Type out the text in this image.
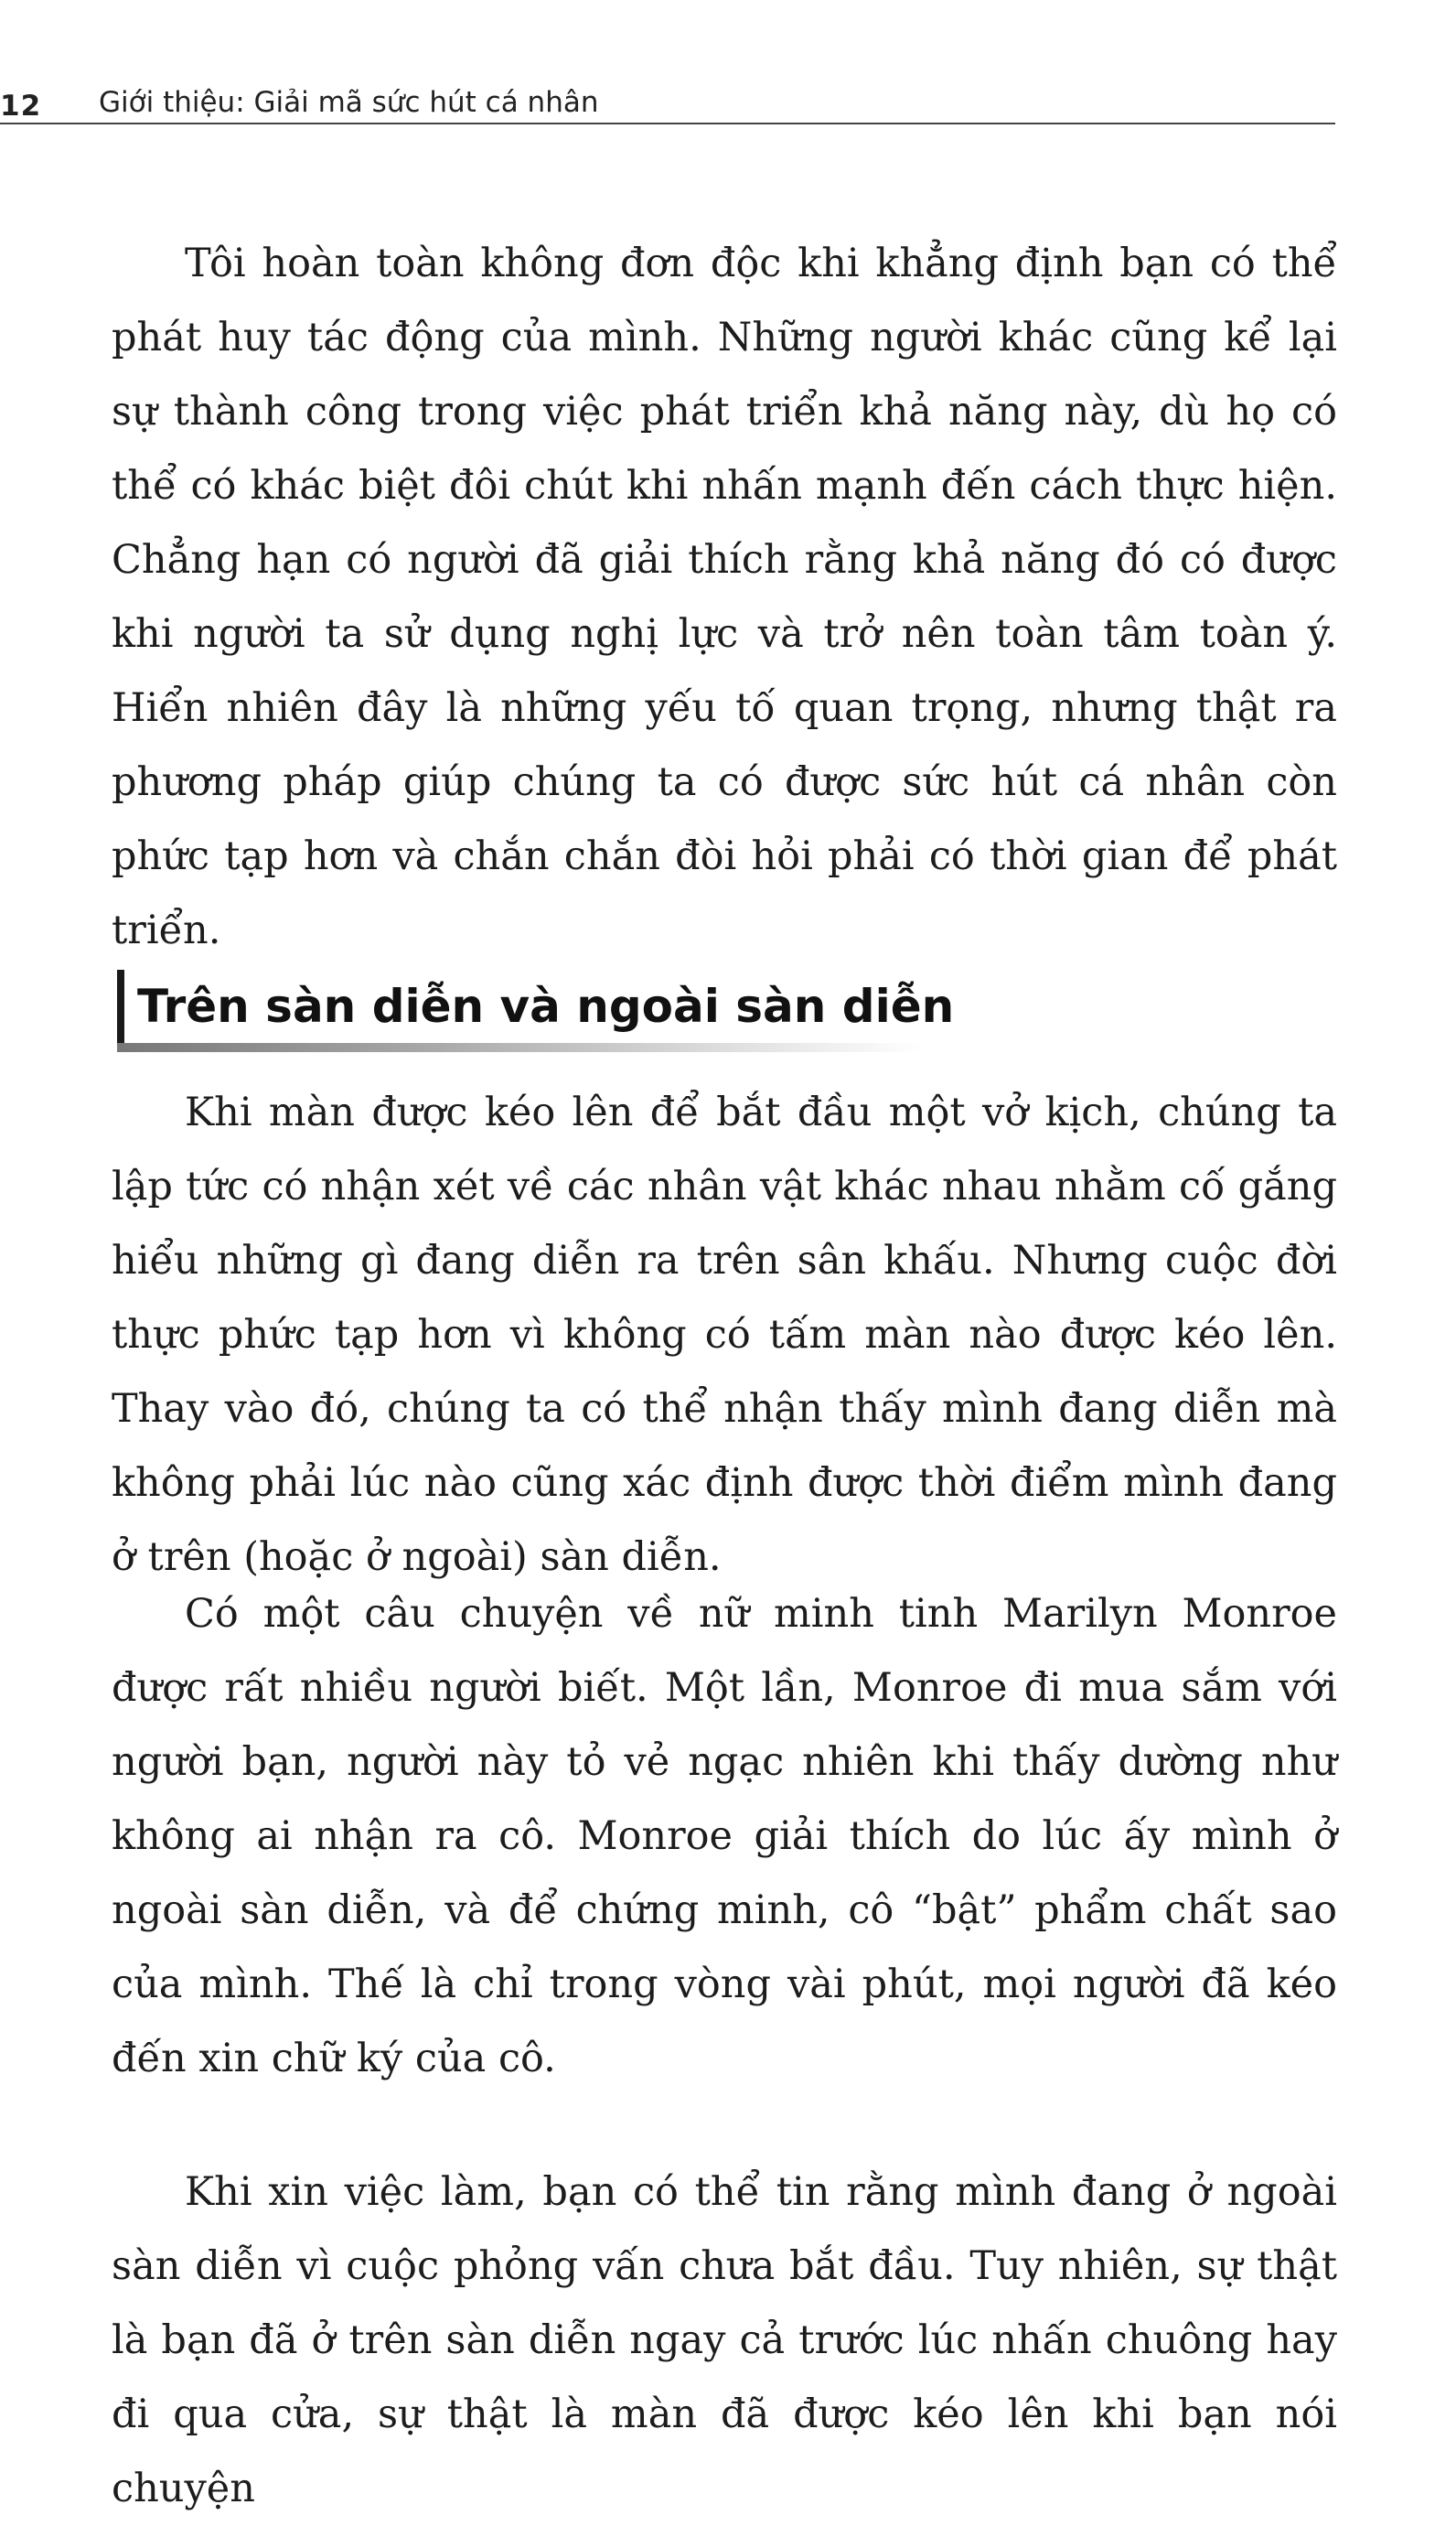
12 Giới thiệu: Giải mã sức hút cá nhân

Tôi hoàn toàn không đơn độc khi khẳng định bạn có thể phát huy tác động của mình. Những người khác cũng kể lại sự thành công trong việc phát triển khả năng này, dù họ có thể có khác biệt đôi chút khi nhấn mạnh đến cách thực hiện. Chẳng hạn có người đã giải thích rằng khả năng đó có được khi người ta sử dụng nghị lực và trở nên toàn tâm toàn ý. Hiển nhiên đây là những yếu tố quan trọng, nhưng thật ra phương pháp giúp chúng ta có được sức hút cá nhân còn phức tạp hơn và chắn chắn đòi hỏi phải có thời gian để phát triển.

Trên sàn diễn và ngoài sàn diễn

Khi màn được kéo lên để bắt đầu một vở kịch, chúng ta lập tức có nhận xét về các nhân vật khác nhau nhằm cố gắng hiểu những gì đang diễn ra trên sân khấu. Nhưng cuộc đời thực phức tạp hơn vì không có tấm màn nào được kéo lên. Thay vào đó, chúng ta có thể nhận thấy mình đang diễn mà không phải lúc nào cũng xác định được thời điểm mình đang ở trên (hoặc ở ngoài) sàn diễn.

Có một câu chuyện về nữ minh tinh Marilyn Monroe được rất nhiều người biết. Một lần, Monroe đi mua sắm với người bạn, người này tỏ vẻ ngạc nhiên khi thấy dường như không ai nhận ra cô. Monroe giải thích do lúc ấy mình ở ngoài sàn diễn, và để chứng minh, cô “bật” phẩm chất sao của mình. Thế là chỉ trong vòng vài phút, mọi người đã kéo đến xin chữ ký của cô.

Khi xin việc làm, bạn có thể tin rằng mình đang ở ngoài sàn diễn vì cuộc phỏng vấn chưa bắt đầu. Tuy nhiên, sự thật là bạn đã ở trên sàn diễn ngay cả trước lúc nhấn chuông hay đi qua cửa, sự thật là màn đã được kéo lên khi bạn nói chuyện
